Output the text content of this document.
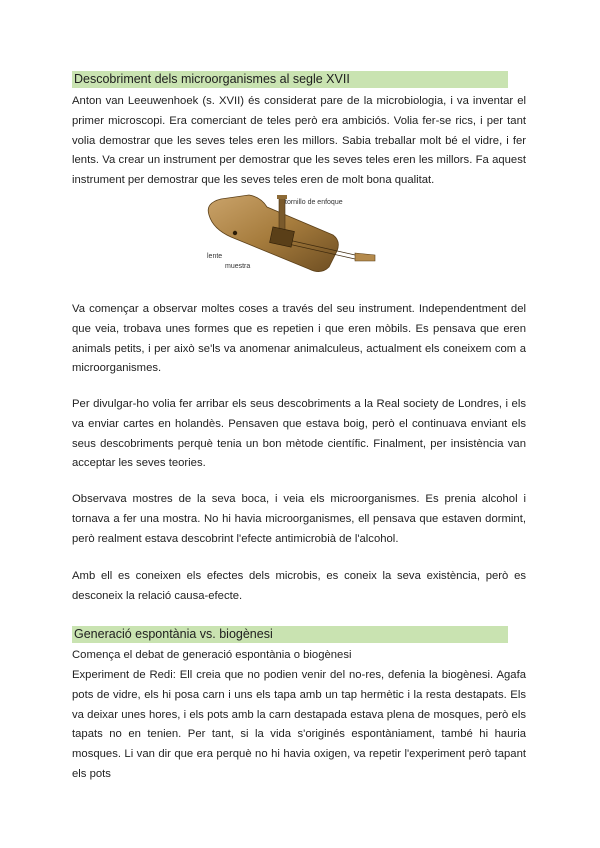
Descobriment dels microorganismes al segle XVII

Anton van Leeuwenhoek (s. XVII) és considerat pare de la microbiologia, i va inventar el primer microscopi. Era comerciant de teles però era ambiciós. Volia fer-se rics, i per tant volia demostrar que les seves teles eren les millors. Sabia treballar molt bé el vidre, i fer lents. Va crear un instrument per demostrar que les seves teles eren les millors. Fa aquest instrument per demostrar que les seves teles eren de molt bona qualitat.

tornillo de enfoque
lente
muestra

Va començar a observar moltes coses a través del seu instrument. Independentment del que veia, trobava unes formes que es repetien i que eren mòbils. Es pensava que eren animals petits, i per això se'ls va anomenar animalculeus, actualment els coneixem com a microorganismes.

Per divulgar-ho volia fer arribar els seus descobriments a la Real society de Londres, i els va enviar cartes en holandès. Pensaven que estava boig, però el continuava enviant els seus descobriments perquè tenia un bon mètode científic. Finalment, per insistència van acceptar les seves teories.

Observava mostres de la seva boca, i veia els microorganismes. Es prenia alcohol i tornava a fer una mostra. No hi havia microorganismes, ell pensava que estaven dormint, però realment estava descobrint l'efecte antimicrobià de l'alcohol.

Amb ell es coneixen els efectes dels microbis, es coneix la seva existència, però es desconeix la relació causa-efecte.

Generació espontània vs. biogènesi

Comença el debat de generació espontània o biogènesi

Experiment de Redi: Ell creia que no podien venir del no-res, defenia la biogènesi. Agafa pots de vidre, els hi posa carn i uns els tapa amb un tap hermètic i la resta destapats. Els va deixar unes hores, i els pots amb la carn destapada estava plena de mosques, però els tapats no en tenien. Per tant, si la vida s'originés espontàniament, també hi hauria mosques. Li van dir que era perquè no hi havia oxigen, va repetir l'experiment però tapant els pots
